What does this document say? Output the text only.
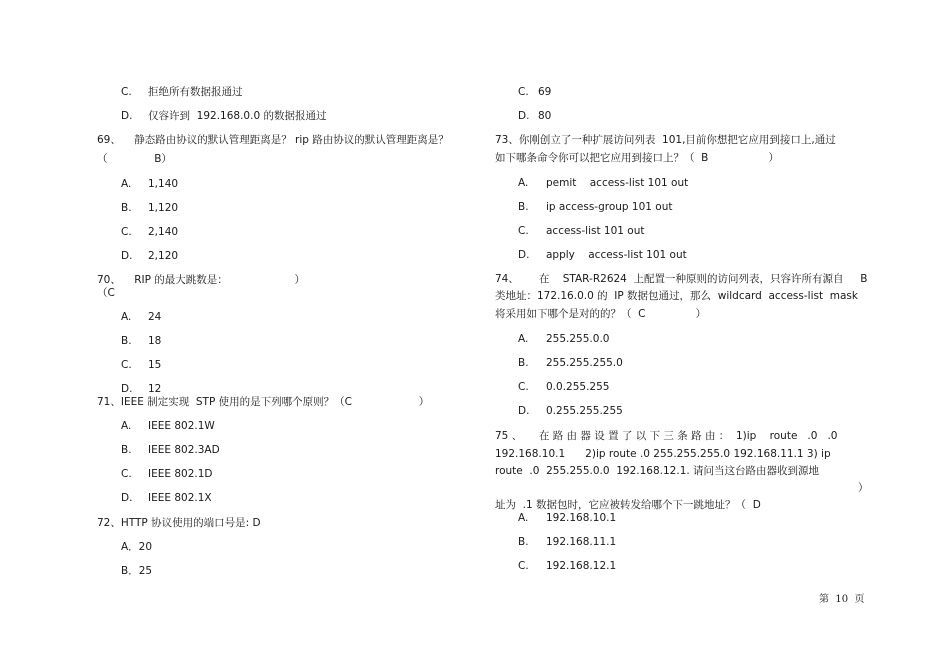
C. 拒绝所有数据报通过
D. 仅容许到  192.168.0.0 的数据报通过
69、    静态路由协议的默认管理距离是？ rip 路由协议的默认管理距离是？
（              B）
A. 1,140
B. 1,120
C. 2,140
D. 2,120
70、    RIP 的最大跳数是：                    ）
（C
A. 24
B. 18
C. 15
D. 12
71、IEEE 制定实现  STP 使用的是下列哪个原则？（C                    ）
A. IEEE 802.1W
B. IEEE 802.3AD
C. IEEE 802.1D
D. IEEE 802.1X
72、HTTP 协议使用的端口号是: D
A．20
B．25
C. 69
D. 80
73、你刚创立了一种扩展访问列表  101,目前你想把它应用到接口上,通过
如下哪条命令你可以把它应用到接口上？（  B                  ）
A. pemit    access-list 101 out
B. ip access-group 101 out
C. access-list 101 out
D. apply    access-list 101 out
74、      在    STAR-R2624  上配置一种原则的访问列表，只容许所有源自     B
类地址：172.16.0.0 的  IP 数据包通过，那么  wildcard  access-list  mask
将采用如下哪个是对的的？（  C               ）
A. 255.255.0.0
B. 255.255.255.0
C. 0.0.255.255
D. 0.255.255.255
75 、     在 路 由 器 设 置 了 以 下 三 条 路 由 ：  1)ip    route   .0   .0
192.168.10.1      2)ip route .0 255.255.255.0 192.168.11.1 3) ip
route  .0  255.255.0.0  192.168.12.1. 请问当这台路由器收到源地
）
址为  .1 数据包时，它应被转发给哪个下一跳地址？（  D
A. 192.168.10.1
B. 192.168.11.1
C. 192.168.12.1
第  10  页
